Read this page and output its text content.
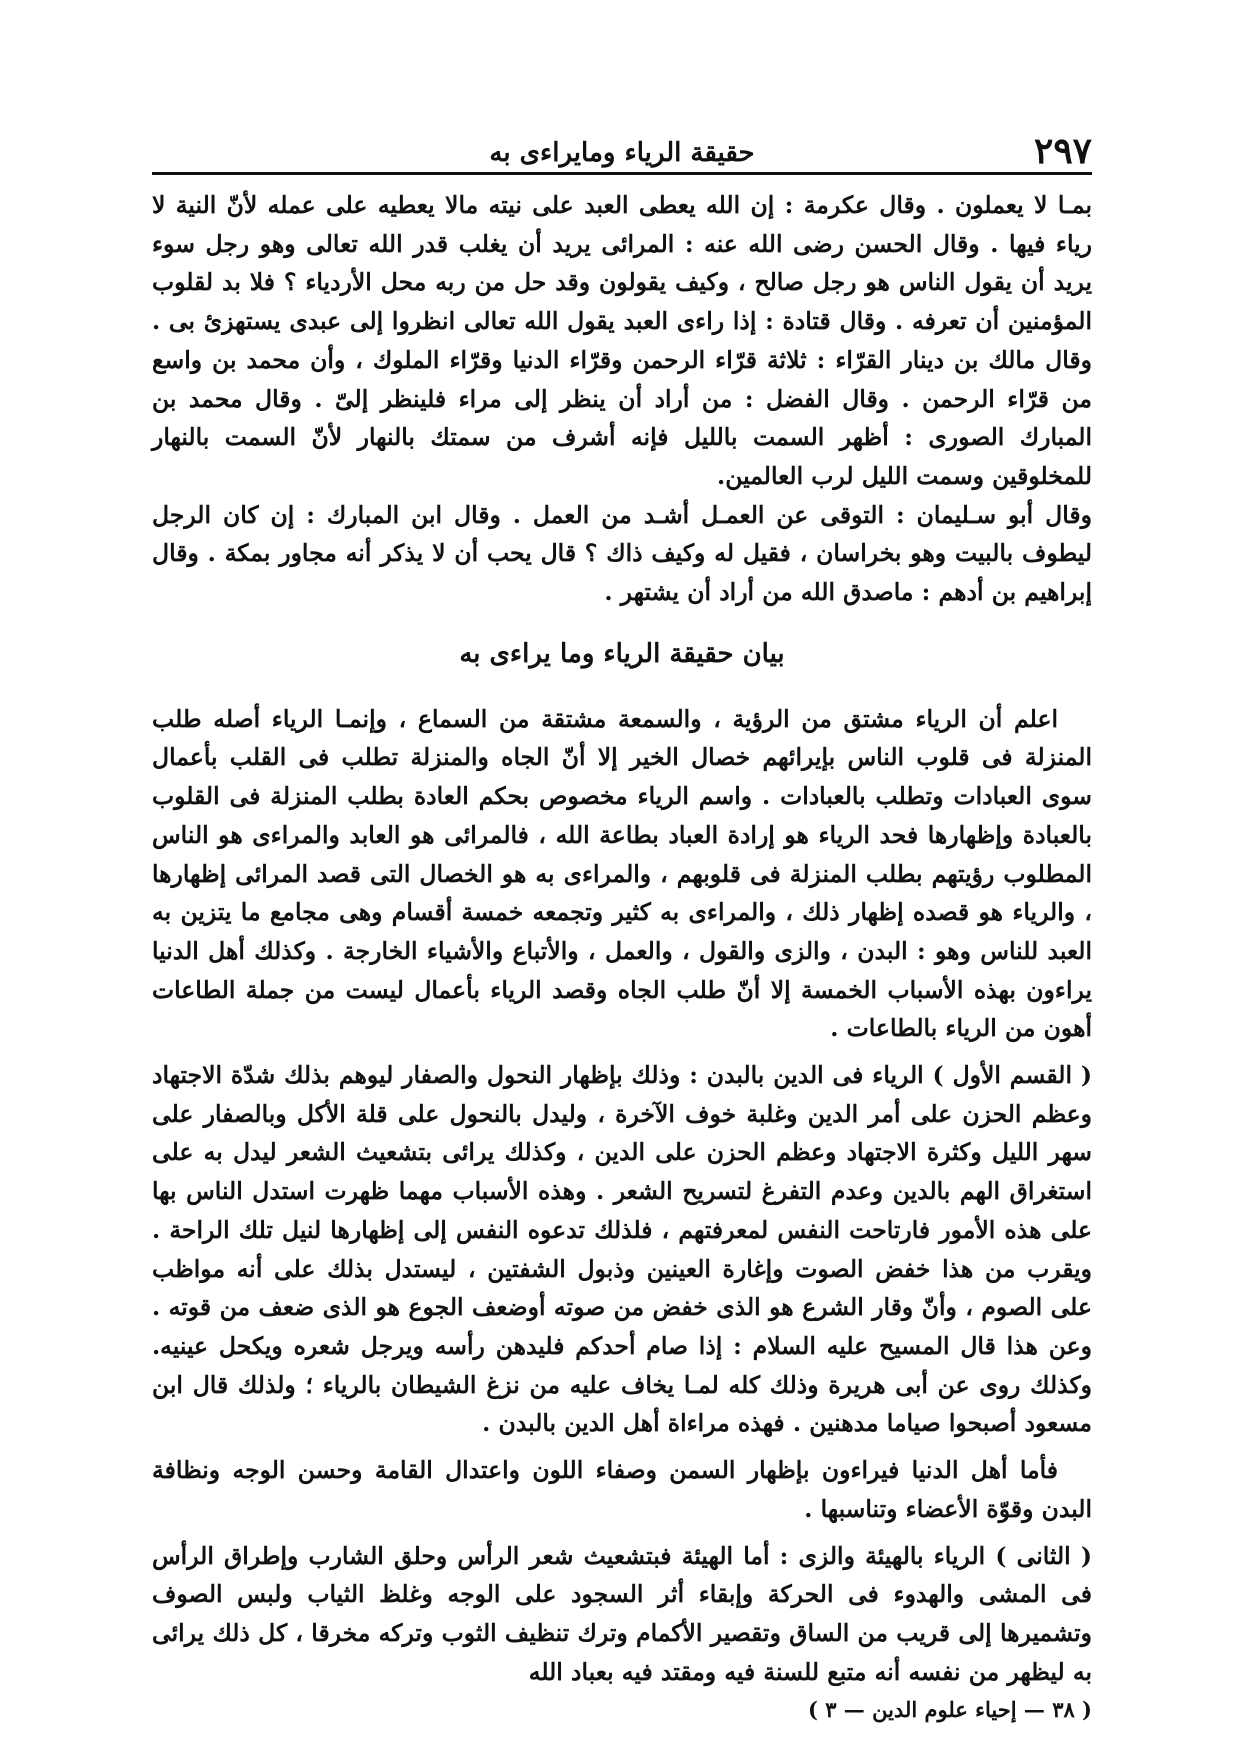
٢٩٧
حقيقة الرياء ومايراءى به

بمـا لا يعملون . وقال عكرمة : إن الله يعطى العبد على نيته مالا يعطيه على عمله لأنّ النية لا رياء فيها . وقال الحسن رضى الله عنه : المرائى يريد أن يغلب قدر الله تعالى وهو رجل سوء يريد أن يقول الناس هو رجل صالح ، وكيف يقولون وقد حل من ربه محل الأردياء ؟ فلا بد لقلوب المؤمنين أن تعرفه . وقال قتادة : إذا راءى العبد يقول الله تعالى انظروا إلى عبدى يستهزئ بى . وقال مالك بن دينار القرّاء : ثلاثة قرّاء الرحمن وقرّاء الدنيا وقرّاء الملوك ، وأن محمد بن واسع من قرّاء الرحمن . وقال الفضل : من أراد أن ينظر إلى مراء فلينظر إلىّ . وقال محمد بن المبارك الصورى : أظهر السمت بالليل فإنه أشرف من سمتك بالنهار لأنّ السمت بالنهار للمخلوقين وسمت الليل لرب العالمين.

وقال أبو سـليمان : التوقى عن العمـل أشـد من العمل . وقال ابن المبارك : إن كان الرجل ليطوف بالبيت وهو بخراسان ، فقيل له وكيف ذاك ؟ قال يحب أن لا يذكر أنه مجاور بمكة . وقال إبراهيم بن أدهم : ماصدق الله من أراد أن يشتهر .

بيان حقيقة الرياء وما يراءى به

اعلم أن الرياء مشتق من الرؤية ، والسمعة مشتقة من السماع ، وإنمـا الرياء أصله طلب المنزلة فى قلوب الناس بإيرائهم خصال الخير إلا أنّ الجاه والمنزلة تطلب فى القلب بأعمال سوى العبادات وتطلب بالعبادات . واسم الرياء مخصوص بحكم العادة بطلب المنزلة فى القلوب بالعبادة وإظهارها فحد الرياء هو إرادة العباد بطاعة الله ، فالمرائى هو العابد والمراءى هو الناس المطلوب رؤيتهم بطلب المنزلة فى قلوبهم ، والمراءى به هو الخصال التى قصد المرائى إظهارها ، والرياء هو قصده إظهار ذلك ، والمراءى به كثير وتجمعه خمسة أقسام وهى مجامع ما يتزين به العبد للناس وهو : البدن ، والزى والقول ، والعمل ، والأتباع والأشياء الخارجة . وكذلك أهل الدنيا يراءون بهذه الأسباب الخمسة إلا أنّ طلب الجاه وقصد الرياء بأعمال ليست من جملة الطاعات أهون من الرياء بالطاعات .

( القسم الأول ) الرياء فى الدين بالبدن : وذلك بإظهار النحول والصفار ليوهم بذلك شدّة الاجتهاد وعظم الحزن على أمر الدين وغلبة خوف الآخرة ، وليدل بالنحول على قلة الأكل وبالصفار على سهر الليل وكثرة الاجتهاد وعظم الحزن على الدين ، وكذلك يرائى بتشعيث الشعر ليدل به على استغراق الهم بالدين وعدم التفرغ لتسريح الشعر . وهذه الأسباب مهما ظهرت استدل الناس بها على هذه الأمور فارتاحت النفس لمعرفتهم ، فلذلك تدعوه النفس إلى إظهارها لنيل تلك الراحة . ويقرب من هذا خفض الصوت وإغارة العينين وذبول الشفتين ، ليستدل بذلك على أنه مواظب على الصوم ، وأنّ وقار الشرع هو الذى خفض من صوته أوضعف الجوع هو الذى ضعف من قوته . وعن هذا قال المسيح عليه السلام : إذا صام أحدكم فليدهن رأسه ويرجل شعره ويكحل عينيه. وكذلك روى عن أبى هريرة وذلك كله لمـا يخاف عليه من نزغ الشيطان بالرياء ؛ ولذلك قال ابن مسعود أصبحوا صياما مدهنين . فهذه مراءاة أهل الدين بالبدن .

فأما أهل الدنيا فيراءون بإظهار السمن وصفاء اللون واعتدال القامة وحسن الوجه ونظافة البدن وقوّة الأعضاء وتناسبها .

( الثانى ) الرياء بالهيئة والزى : أما الهيئة فبتشعيث شعر الرأس وحلق الشارب وإطراق الرأس فى المشى والهدوء فى الحركة وإبقاء أثر السجود على الوجه وغلظ الثياب ولبس الصوف وتشميرها إلى قريب من الساق وتقصير الأكمام وترك تنظيف الثوب وتركه مخرقا ، كل ذلك يرائى به ليظهر من نفسه أنه متبع للسنة فيه ومقتد فيه بعباد الله

( ٣٨ — إحياء علوم الدين — ٣ )
